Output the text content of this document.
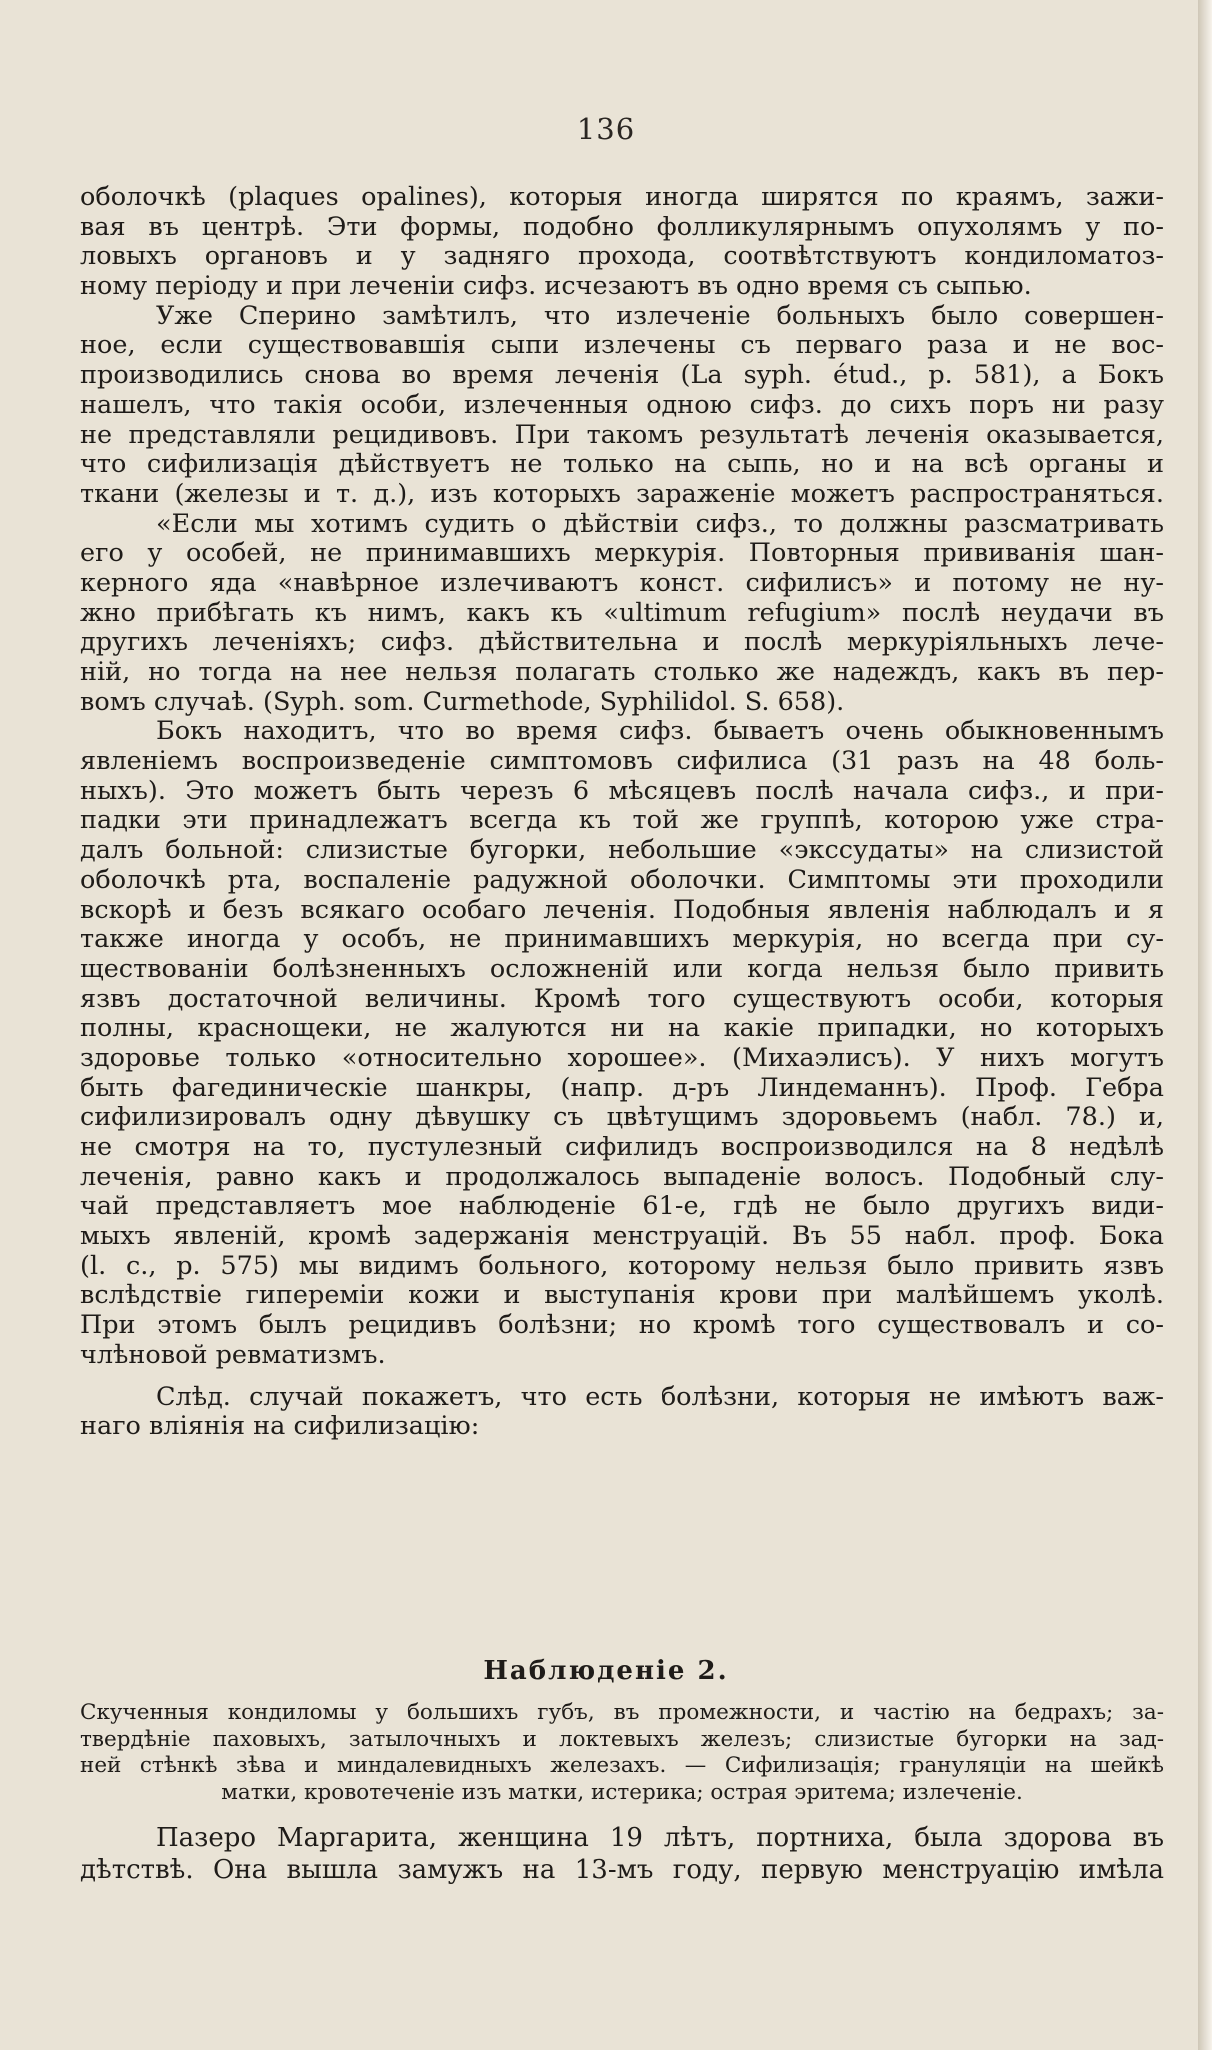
136
оболочкѣ (plaques opalines), которыя иногда ширятся по краямъ, зажи-
вая въ центрѣ. Эти формы, подобно фолликулярнымъ опухолямъ у по-
ловыхъ органовъ и у задняго прохода, соотвѣтствуютъ кондиломатоз-
ному періоду и при леченіи сифз. исчезаютъ въ одно время съ сыпью.
Уже Сперино замѣтилъ, что излеченіе больныхъ было совершен-
ное, если существовавшія сыпи излечены съ перваго раза и не вос-
производились снова во время леченія (La syph. étud., p. 581), а Бокъ
нашелъ, что такія особи, излеченныя одною сифз. до сихъ поръ ни разу
не представляли рецидивовъ. При такомъ результатѣ леченія оказывается,
что сифилизація дѣйствуетъ не только на сыпь, но и на всѣ органы и
ткани (железы и т. д.), изъ которыхъ зараженіе можетъ распространяться.
«Если мы хотимъ судить о дѣйствіи сифз., то должны разсматривать
его у особей, не принимавшихъ меркурія. Повторныя прививанія шан-
керного яда «навѣрное излечиваютъ конст. сифилисъ» и потому не ну-
жно прибѣгать къ нимъ, какъ къ «ultimum refugium» послѣ неудачи въ
другихъ леченіяхъ; сифз. дѣйствительна и послѣ меркуріяльныхъ лече-
ній, но тогда на нее нельзя полагать столько же надеждъ, какъ въ пер-
вомъ случаѣ. (Syph. som. Curmethode, Syphilidol. S. 658).
Бокъ находитъ, что во время сифз. бываетъ очень обыкновеннымъ
явленіемъ воспроизведеніе симптомовъ сифилиса (31 разъ на 48 боль-
ныхъ). Это можетъ быть черезъ 6 мѣсяцевъ послѣ начала сифз., и при-
падки эти принадлежатъ всегда къ той же группѣ, которою уже стра-
далъ больной: слизистые бугорки, небольшие «экссудаты» на слизистой
оболочкѣ рта, воспаленіе радужной оболочки. Симптомы эти проходили
вскорѣ и безъ всякаго особаго леченія. Подобныя явленія наблюдалъ и я
также иногда у особъ, не принимавшихъ меркурія, но всегда при су-
ществованіи болѣзненныхъ осложненій или когда нельзя было привить
язвъ достаточной величины. Кромѣ того существуютъ особи, которыя
полны, краснощеки, не жалуются ни на какіе припадки, но которыхъ
здоровье только «относительно хорошее». (Михаэлисъ). У нихъ могутъ
быть фагединическіе шанкры, (напр. д-ръ Линдеманнъ). Проф. Гебра
сифилизировалъ одну дѣвушку съ цвѣтущимъ здоровьемъ (набл. 78.) и,
не смотря на то, пустулезный сифилидъ воспроизводился на 8 недѣлѣ
леченія, равно какъ и продолжалось выпаденіе волосъ. Подобный слу-
чай представляетъ мое наблюденіе 61-е, гдѣ не было другихъ види-
мыхъ явленій, кромѣ задержанія менструацій. Въ 55 набл. проф. Бока
(l. c., p. 575) мы видимъ больного, которому нельзя было привить язвъ
вслѣдствіе гипереміи кожи и выступанія крови при малѣйшемъ уколѣ.
При этомъ былъ рецидивъ болѣзни; но кромѣ того существовалъ и со-
члѣновой ревматизмъ.
Слѣд. случай покажетъ, что есть болѣзни, которыя не имѣютъ важ-
наго вліянія на сифилизацію:
Наблюденіе 2.
Скученныя кондиломы у большихъ губъ, въ промежности, и частію на бедрахъ; за-
твердѣніе паховыхъ, затылочныхъ и локтевыхъ железъ; слизистые бугорки на зад-
ней стѣнкѣ зѣва и миндалевидныхъ железахъ. — Сифилизація; грануляціи на шейкѣ
матки, кровотеченіе изъ матки, истерика; острая эритема; излеченіе.
Пазеро Маргарита, женщина 19 лѣтъ, портниха, была здорова въ
дѣтствѣ. Она вышла замужъ на 13-мъ году, первую менструацію имѣла
